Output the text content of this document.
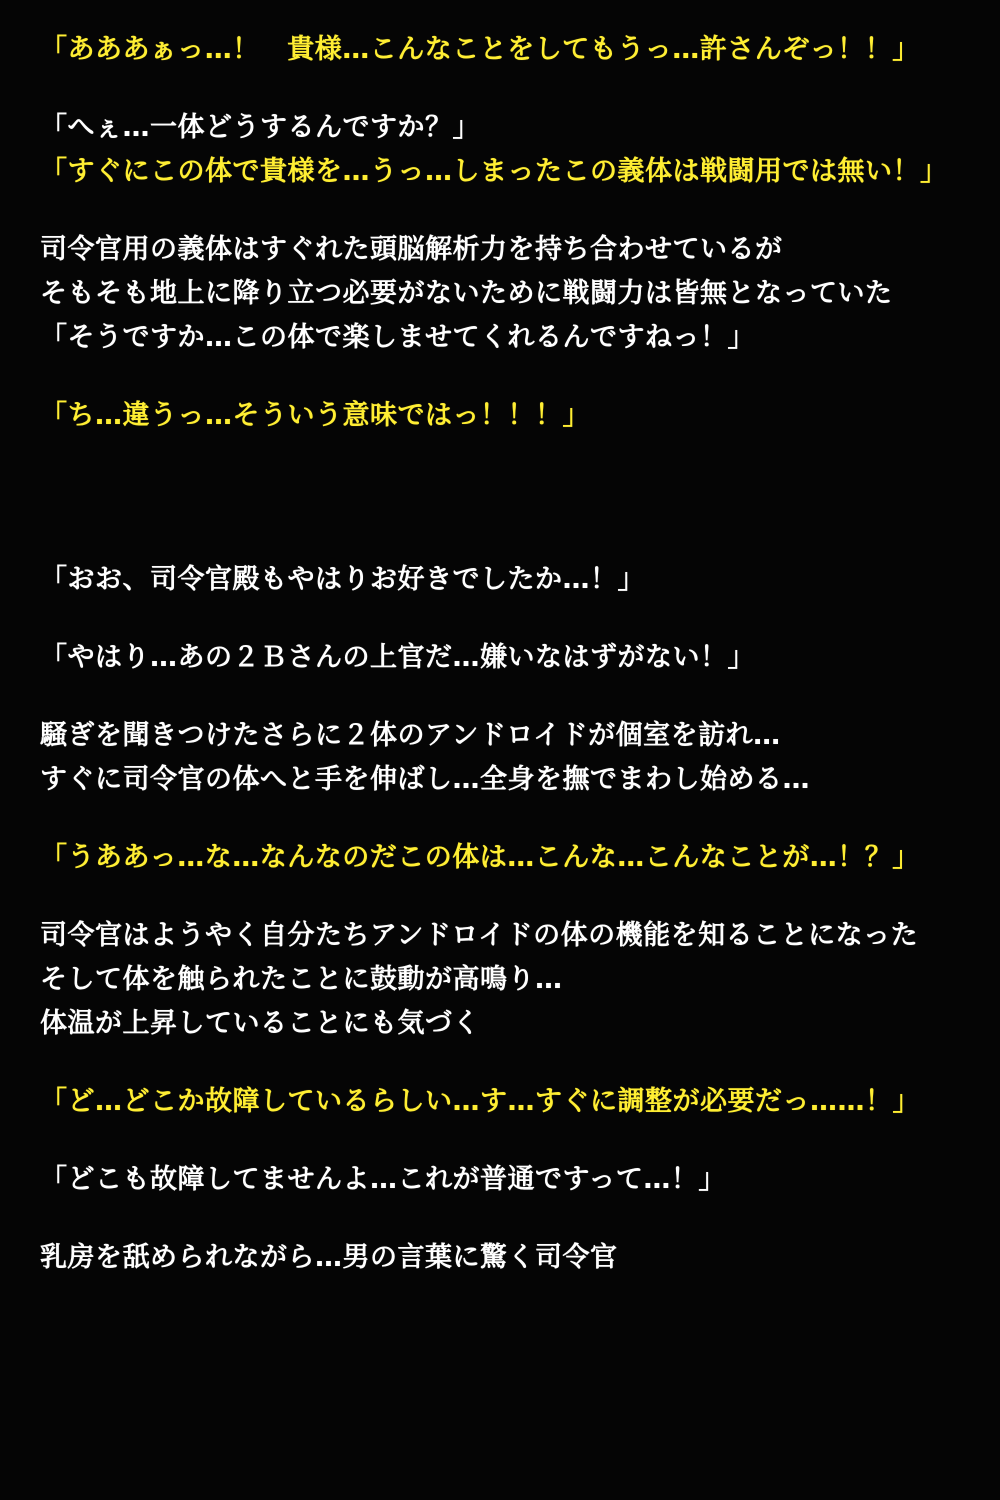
「あああぁっ…！　貴様…こんなことをしてもうっ…許さんぞっ！！」
「へぇ…一体どうするんですか？」
「すぐにこの体で貴様を…うっ…しまったこの義体は戦闘用では無い！」
司令官用の義体はすぐれた頭脳解析力を持ち合わせているが
そもそも地上に降り立つ必要がないために戦闘力は皆無となっていた
「そうですか…この体で楽しませてくれるんですねっ！」
「ち…違うっ…そういう意味ではっ！！！」
「おお、司令官殿もやはりお好きでしたか…！」
「やはり…あの２Ｂさんの上官だ…嫌いなはずがない！」
騒ぎを聞きつけたさらに２体のアンドロイドが個室を訪れ…
すぐに司令官の体へと手を伸ばし…全身を撫でまわし始める…
「うああっ…な…なんなのだこの体は…こんな…こんなことが…！？」
司令官はようやく自分たちアンドロイドの体の機能を知ることになった
そして体を触られたことに鼓動が高鳴り…
体温が上昇していることにも気づく
「ど…どこか故障しているらしい…す…すぐに調整が必要だっ……！」
「どこも故障してませんよ…これが普通ですって…！」
乳房を舐められながら…男の言葉に驚く司令官
